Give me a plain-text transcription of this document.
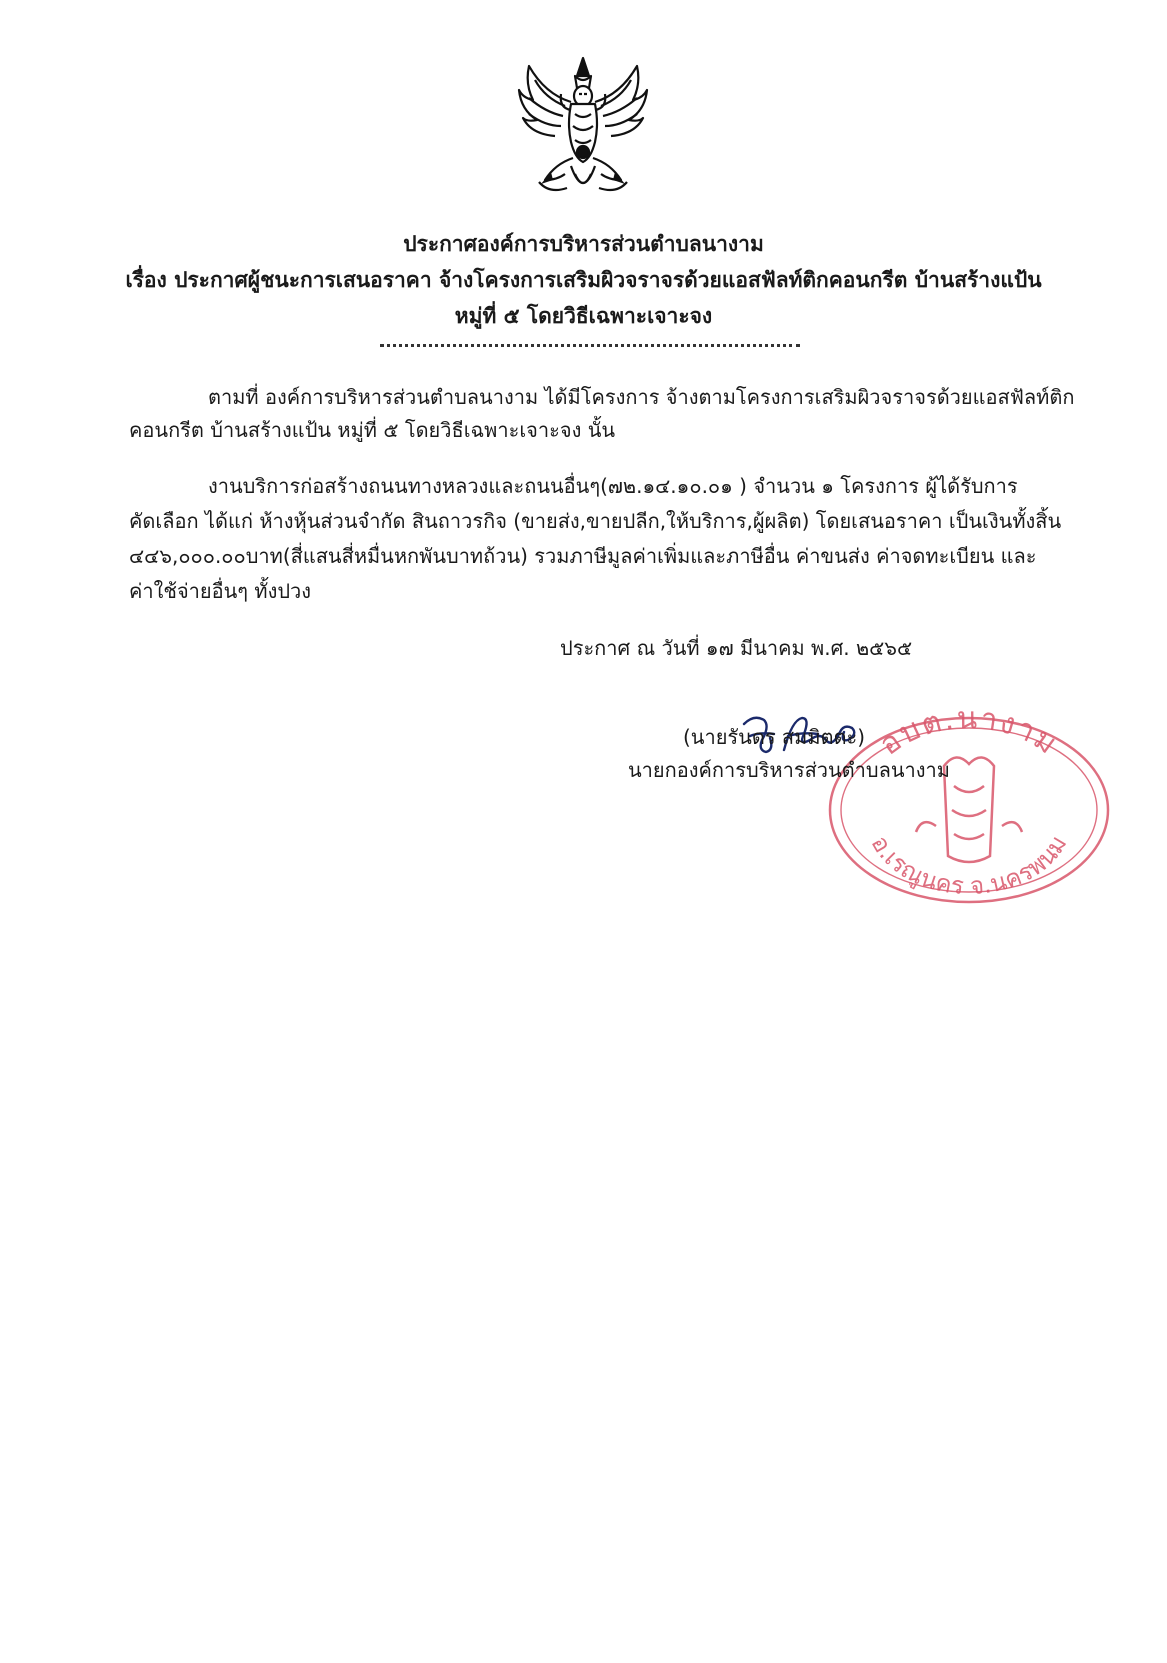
ประกาศองค์การบริหารส่วนตำบลนางาม
เรื่อง ประกาศผู้ชนะการเสนอราคา จ้างโครงการเสริมผิวจราจรด้วยแอสฟัลท์ติกคอนกรีต บ้านสร้างแป้น
หมู่ที่ ๕ โดยวิธีเฉพาะเจาะจง
ตามที่ องค์การบริหารส่วนตำบลนางาม ได้มีโครงการ จ้างตามโครงการเสริมผิวจราจรด้วยแอสฟัลท์ติก
คอนกรีต บ้านสร้างแป้น หมู่ที่ ๕ โดยวิธีเฉพาะเจาะจง นั้น
งานบริการก่อสร้างถนนทางหลวงและถนนอื่นๆ(๗๒.๑๔.๑๐.๐๑ ) จำนวน ๑ โครงการ ผู้ได้รับการ
คัดเลือก ได้แก่ ห้างหุ้นส่วนจำกัด สินถาวรกิจ (ขายส่ง,ขายปลีก,ให้บริการ,ผู้ผลิต) โดยเสนอราคา เป็นเงินทั้งสิ้น
๔๔๖,๐๐๐.๐๐บาท(สี่แสนสี่หมื่นหกพันบาทถ้วน) รวมภาษีมูลค่าเพิ่มและภาษีอื่น ค่าขนส่ง ค่าจดทะเบียน และ
ค่าใช้จ่ายอื่นๆ ทั้งปวง
ประกาศ ณ วันที่ ๑๗ มีนาคม พ.ศ. ๒๕๖๕
อบต.นางาม
อ.เรณูนคร จ.นครพนม
(นายรันดร สมมิตตะ)
นายกองค์การบริหารส่วนตำบลนางาม
